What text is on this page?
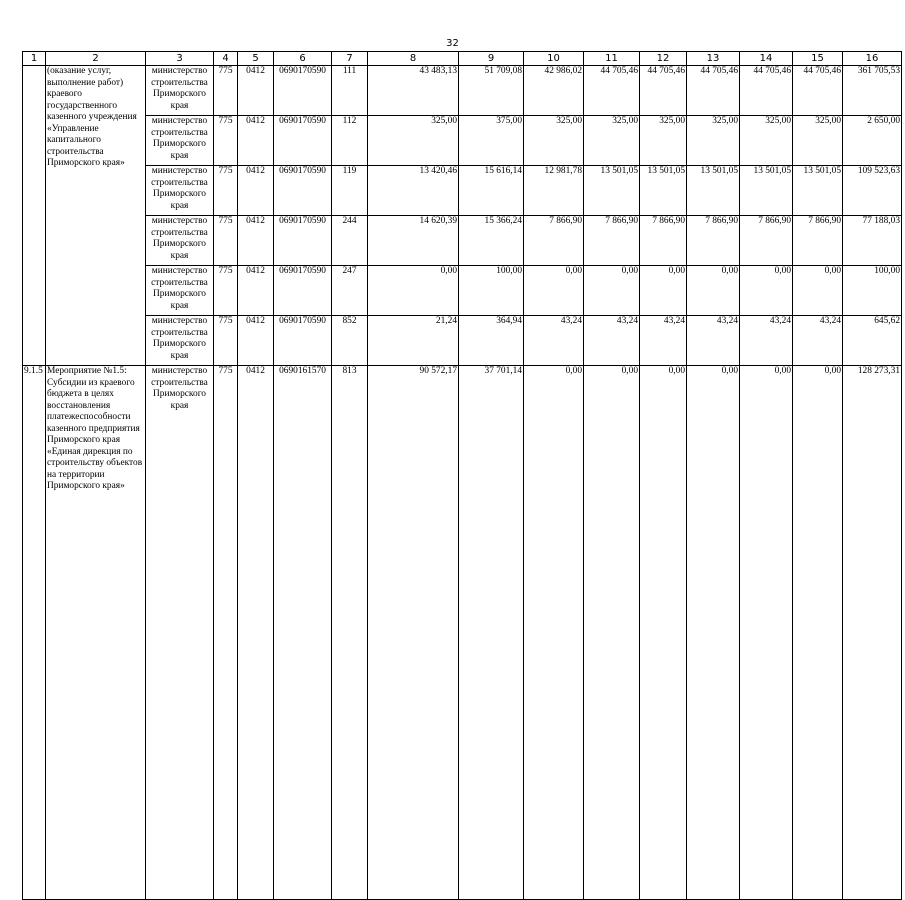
32
1	2	3	4	5	6	7	8	9	10	11	12	13	14	15	16
	(оказание услуг, выполнение работ) краевого государственного казенного учреждения «Управление капитального строительства Приморского края»	министерство строительства Приморского края	775	0412	0690170590	111	43 483,13	51 709,08	42 986,02	44 705,46	44 705,46	44 705,46	44 705,46	44 705,46	361 705,53
		министерство строительства Приморского края	775	0412	0690170590	112	325,00	375,00	325,00	325,00	325,00	325,00	325,00	325,00	2 650,00
		министерство строительства Приморского края	775	0412	0690170590	119	13 420,46	15 616,14	12 981,78	13 501,05	13 501,05	13 501,05	13 501,05	13 501,05	109 523,63
		министерство строительства Приморского края	775	0412	0690170590	244	14 620,39	15 366,24	7 866,90	7 866,90	7 866,90	7 866,90	7 866,90	7 866,90	77 188,03
		министерство строительства Приморского края	775	0412	0690170590	247	0,00	100,00	0,00	0,00	0,00	0,00	0,00	0,00	100,00
		министерство строительства Приморского края	775	0412	0690170590	852	21,24	364,94	43,24	43,24	43,24	43,24	43,24	43,24	645,62
9.1.5	Мероприятие №1.5: Субсидии из краевого бюджета в целях восстановления платежеспособности казенного предприятия Приморского края «Единая дирекция по строительству объектов на территории Приморского края»	министерство строительства Приморского края	775	0412	0690161570	813	90 572,17	37 701,14	0,00	0,00	0,00	0,00	0,00	0,00	128 273,31
